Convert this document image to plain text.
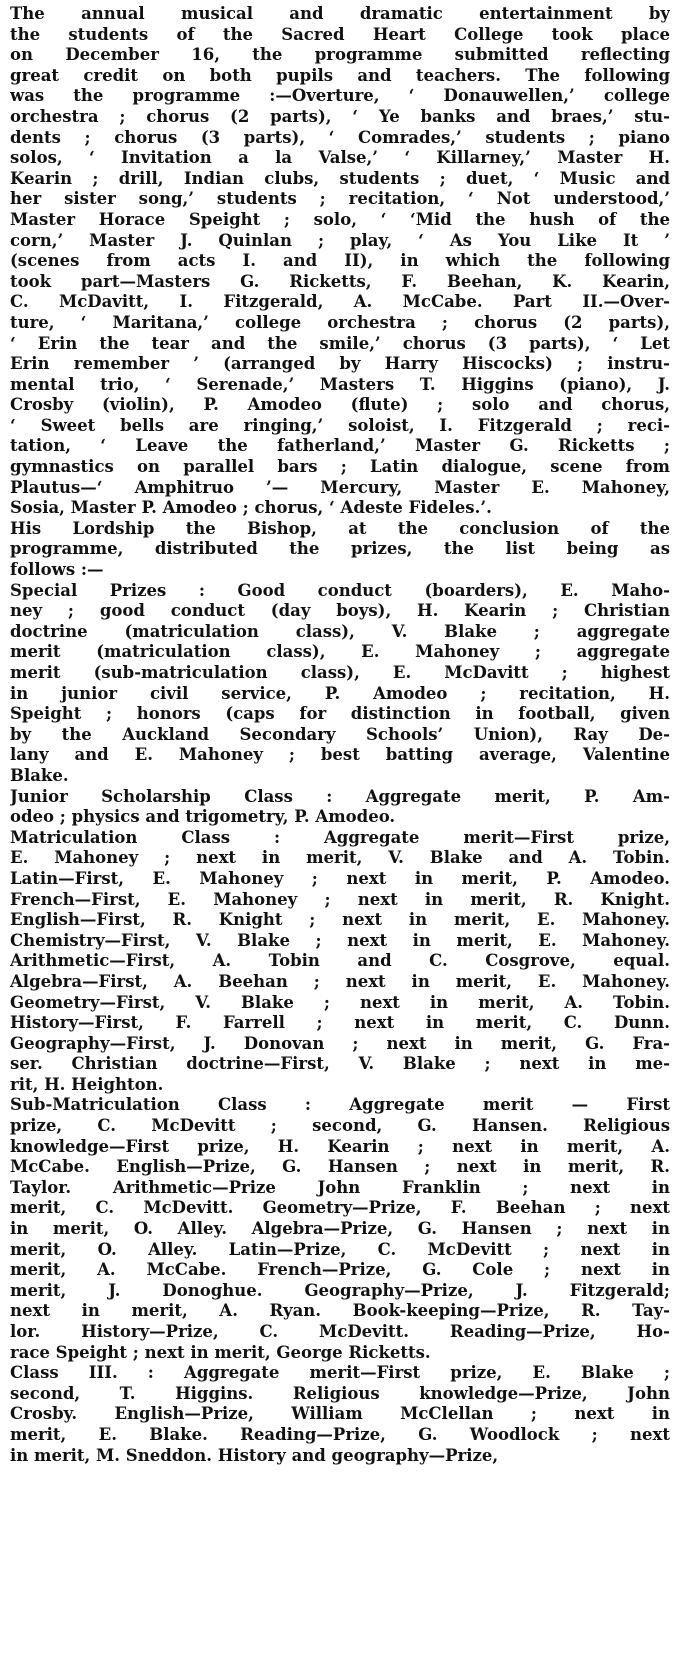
The annual musical and dramatic entertainment by
the students of the Sacred Heart College took place
on December 16, the programme submitted reflecting
great credit on both pupils and teachers. The following
was the programme :—Overture, ‘ Donauwellen,’ college
orchestra ; chorus (2 parts), ‘ Ye banks and braes,’ stu-
dents ; chorus (3 parts), ‘ Comrades,’ students ; piano
solos, ‘ Invitation a la Valse,’ ‘ Killarney,’ Master H.
Kearin ; drill, Indian clubs, students ; duet, ‘ Music and
her sister song,’ students ; recitation, ‘ Not understood,’
Master Horace Speight ; solo, ‘ ‘Mid the hush of the
corn,’ Master J. Quinlan ; play, ‘ As You Like It ’
(scenes from acts I. and II), in which the following
took part—Masters G. Ricketts, F. Beehan, K. Kearin,
C. McDavitt, I. Fitzgerald, A. McCabe. Part II.—Over-
ture, ‘ Maritana,’ college orchestra ; chorus (2 parts),
‘ Erin the tear and the smile,’ chorus (3 parts), ‘ Let
Erin remember ’ (arranged by Harry Hiscocks) ; instru-
mental trio, ‘ Serenade,’ Masters T. Higgins (piano), J.
Crosby (violin), P. Amodeo (flute) ; solo and chorus,
‘ Sweet bells are ringing,’ soloist, I. Fitzgerald ; reci-
tation, ‘ Leave the fatherland,’ Master G. Ricketts ;
gymnastics on parallel bars ; Latin dialogue, scene from
Plautus—‘ Amphitruo ’— Mercury, Master E. Mahoney,
Sosia, Master P. Amodeo ; chorus, ‘ Adeste Fideles.’.
His Lordship the Bishop, at the conclusion of the
programme, distributed the prizes, the list being as
follows :—
Special Prizes : Good conduct (boarders), E. Maho-
ney ; good conduct (day boys), H. Kearin ; Christian
doctrine (matriculation class), V. Blake ; aggregate
merit (matriculation class), E. Mahoney ; aggregate
merit (sub-matriculation class), E. McDavitt ; highest
in junior civil service, P. Amodeo ; recitation, H.
Speight ; honors (caps for distinction in football, given
by the Auckland Secondary Schools’ Union), Ray De-
lany and E. Mahoney ; best batting average, Valentine
Blake.
Junior Scholarship Class : Aggregate merit, P. Am-
odeo ; physics and trigometry, P. Amodeo.
Matriculation Class : Aggregate merit—First prize,
E. Mahoney ; next in merit, V. Blake and A. Tobin.
Latin—First, E. Mahoney ; next in merit, P. Amodeo.
French—First, E. Mahoney ; next in merit, R. Knight.
English—First, R. Knight ; next in merit, E. Mahoney.
Chemistry—First, V. Blake ; next in merit, E. Mahoney.
Arithmetic—First, A. Tobin and C. Cosgrove, equal.
Algebra—First, A. Beehan ; next in merit, E. Mahoney.
Geometry—First, V. Blake ; next in merit, A. Tobin.
History—First, F. Farrell ; next in merit, C. Dunn.
Geography—First, J. Donovan ; next in merit, G. Fra-
ser. Christian doctrine—First, V. Blake ; next in me-
rit, H. Heighton.
Sub-Matriculation Class : Aggregate merit — First
prize, C. McDevitt ; second, G. Hansen. Religious
knowledge—First prize, H. Kearin ; next in merit, A.
McCabe. English—Prize, G. Hansen ; next in merit, R.
Taylor. Arithmetic—Prize John Franklin ; next in
merit, C. McDevitt. Geometry—Prize, F. Beehan ; next
in merit, O. Alley. Algebra—Prize, G. Hansen ; next in
merit, O. Alley. Latin—Prize, C. McDevitt ; next in
merit, A. McCabe. French—Prize, G. Cole ; next in
merit, J. Donoghue. Geography—Prize, J. Fitzgerald;
next in merit, A. Ryan. Book-keeping—Prize, R. Tay-
lor. History—Prize, C. McDevitt. Reading—Prize, Ho-
race Speight ; next in merit, George Ricketts.
Class III. : Aggregate merit—First prize, E. Blake ;
second, T. Higgins. Religious knowledge—Prize, John
Crosby. English—Prize, William McClellan ; next in
merit, E. Blake. Reading—Prize, G. Woodlock ; next
in merit, M. Sneddon. History and geography—Prize,
